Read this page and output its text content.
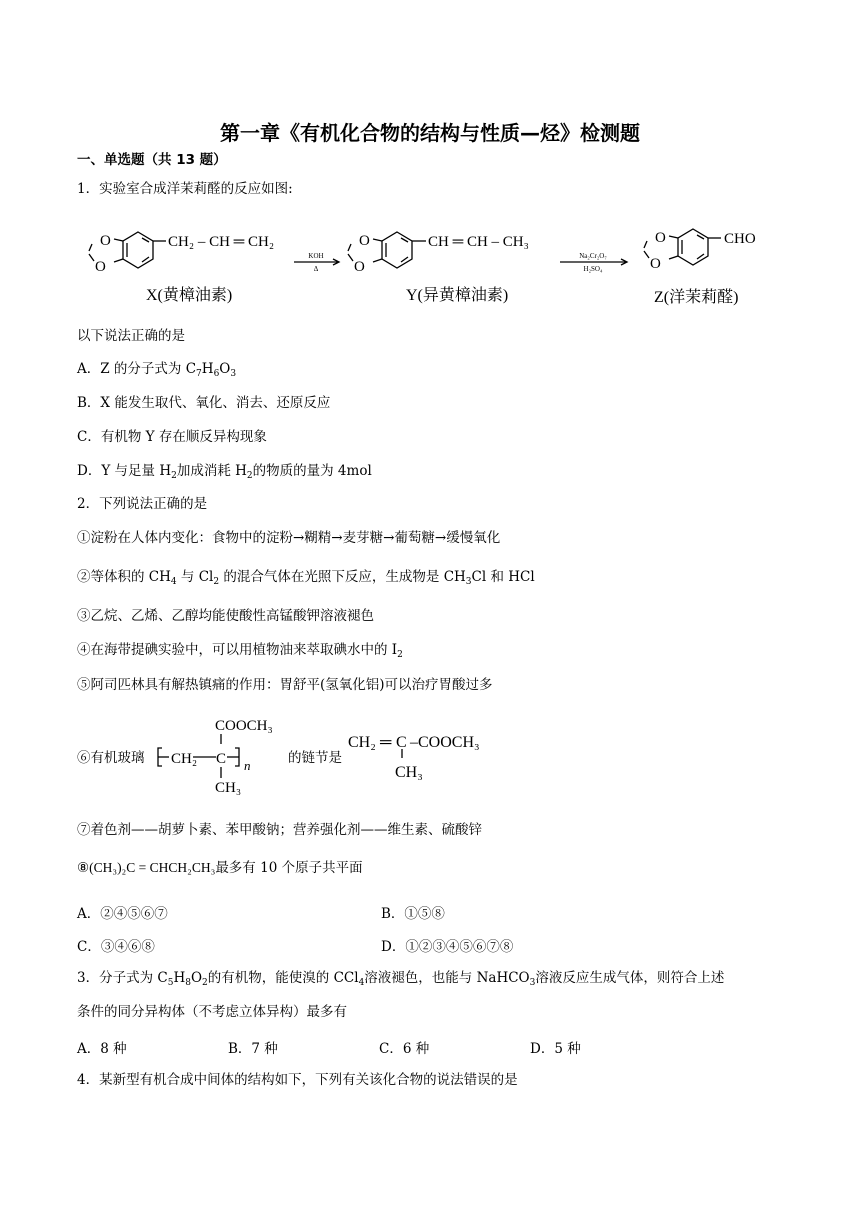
第一章《有机化合物的结构与性质—烃》检测题
一、单选题（共 13 题）
1．实验室合成洋茉莉醛的反应如图:
O
O
CH₂ – CH ═ CH₂
X(黄樟油素)
O
O
CH ═ CH – CH₃
Y(异黄樟油素)
O
O
CHO
Z(洋茉莉醛)
KOH
Δ
Na₂Cr₂O₇
H₂SO₄
以下说法正确的是
A．Z 的分子式为 $C_7H_6O_3$
B．X 能发生取代、氧化、消去、还原反应
C．有机物 Y 存在顺反异构现象
D．Y 与足量 $H_2$加成消耗 $H_2$的物质的量为 4mol
2．下列说法正确的是
①淀粉在人体内变化：食物中的淀粉→糊精→麦芽糖→葡萄糖→缓慢氧化
②等体积的 $CH_4$ 与 $Cl_2$ 的混合气体在光照下反应，生成物是 $CH_3Cl$ 和 HCl
③乙烷、乙烯、乙醇均能使酸性高锰酸钾溶液褪色
④在海带提碘实验中，可以用植物油来萃取碘水中的 $I_2$
⑤阿司匹林具有解热镇痛的作用：胃舒平(氢氧化铝)可以治疗胃酸过多
⑥有机玻璃	的链节是
COOCH₃
CH₂ C n
CH₃
CH₂ ═ C –COOCH₃
CH₃
⑦着色剂——胡萝卜素、苯甲酸钠；营养强化剂——维生素、硫酸锌
⑧(CH₃)₂C = CHCH₂CH₃最多有 10 个原子共平面
A．②④⑤⑥⑦	B．①⑤⑧
C．③④⑥⑧	D．①②③④⑤⑥⑦⑧
3．分子式为 $C_5H_8O_2$的有机物，能使溴的 CCl$_4$溶液褪色，也能与 NaHCO$_3$溶液反应生成气体，则符合上述
条件的同分异构体（不考虑立体异构）最多有
A．8 种	B．7 种	C．6 种	D．5 种
4．某新型有机合成中间体的结构如下，下列有关该化合物的说法错误的是
